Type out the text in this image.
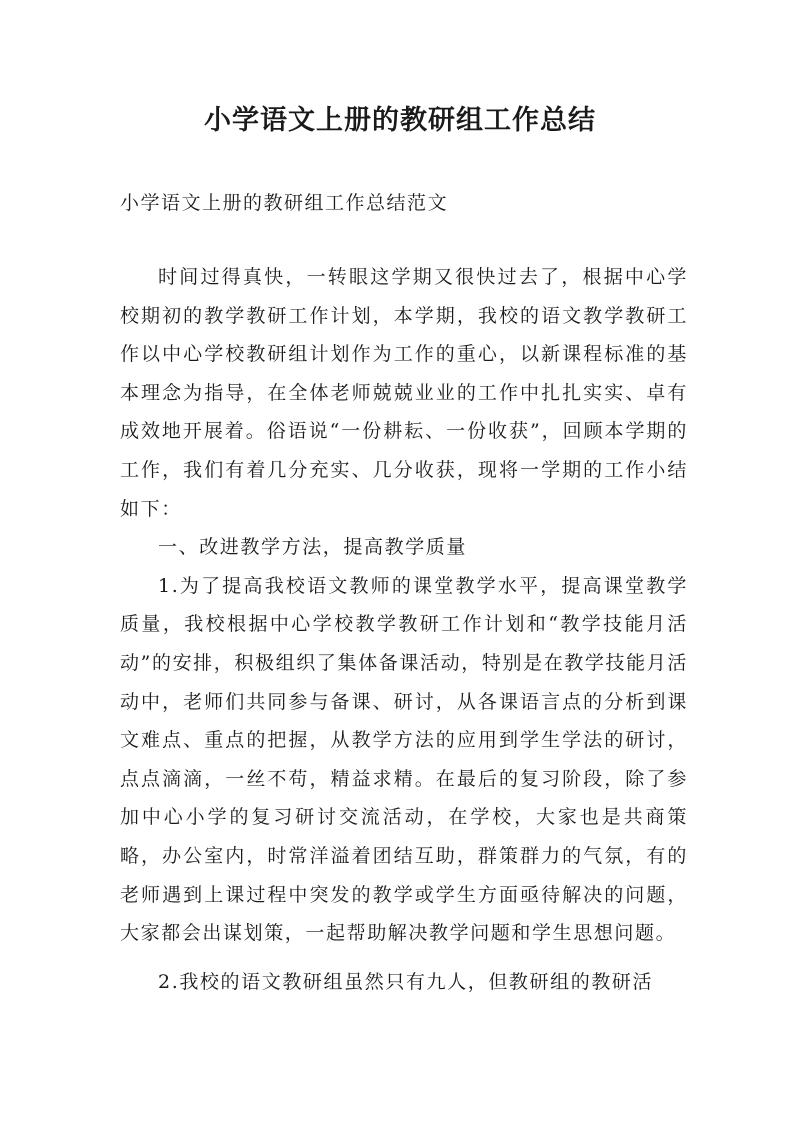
小学语文上册的教研组工作总结

小学语文上册的教研组工作总结范文

时间过得真快，一转眼这学期又很快过去了，根据中心学校期初的教学教研工作计划，本学期，我校的语文教学教研工作以中心学校教研组计划作为工作的重心，以新课程标准的基本理念为指导，在全体老师兢兢业业的工作中扎扎实实、卓有成效地开展着。俗语说“一份耕耘、一份收获”，回顾本学期的工作，我们有着几分充实、几分收获，现将一学期的工作小结如下：

一、改进教学方法，提高教学质量

1.为了提高我校语文教师的课堂教学水平，提高课堂教学质量，我校根据中心学校教学教研工作计划和“教学技能月活动”的安排，积极组织了集体备课活动，特别是在教学技能月活动中，老师们共同参与备课、研讨，从各课语言点的分析到课文难点、重点的把握，从教学方法的应用到学生学法的研讨，点点滴滴，一丝不苟，精益求精。在最后的复习阶段，除了参加中心小学的复习研讨交流活动，在学校，大家也是共商策略，办公室内，时常洋溢着团结互助，群策群力的气氛，有的老师遇到上课过程中突发的教学或学生方面亟待解决的问题，大家都会出谋划策，一起帮助解决教学问题和学生思想问题。

2.我校的语文教研组虽然只有九人，但教研组的教研活
